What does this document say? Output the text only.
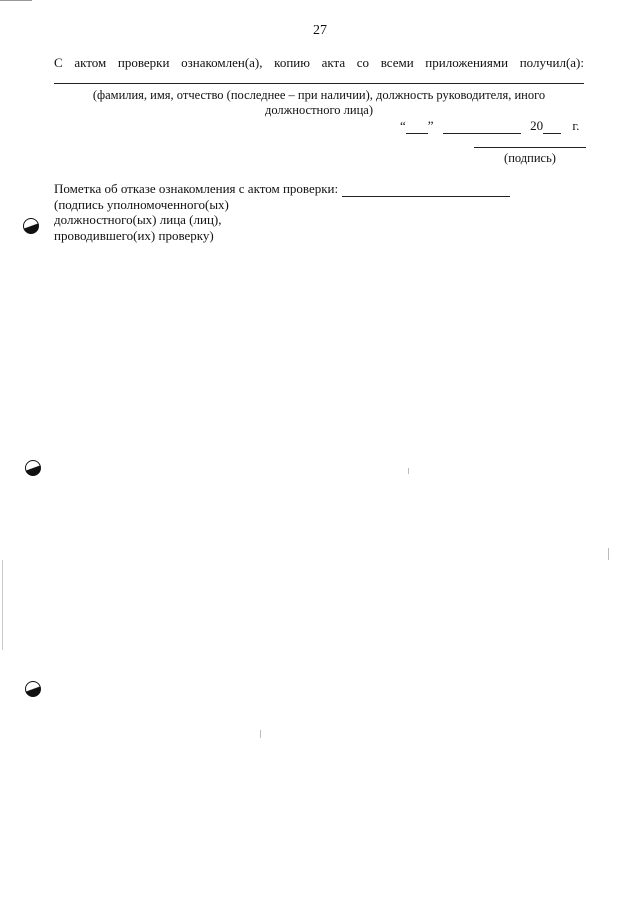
27
С актом проверки ознакомлен(а), копию акта со всеми приложениями получил(а):
(фамилия, имя, отчество (последнее – при наличии), должность руководителя, иного
должностного лица)
“ ”	20 г.
(подпись)
Пометка об отказе ознакомления с актом проверки:
(подпись уполномоченного(ых)
должностного(ых) лица (лиц),
проводившего(их) проверку)
